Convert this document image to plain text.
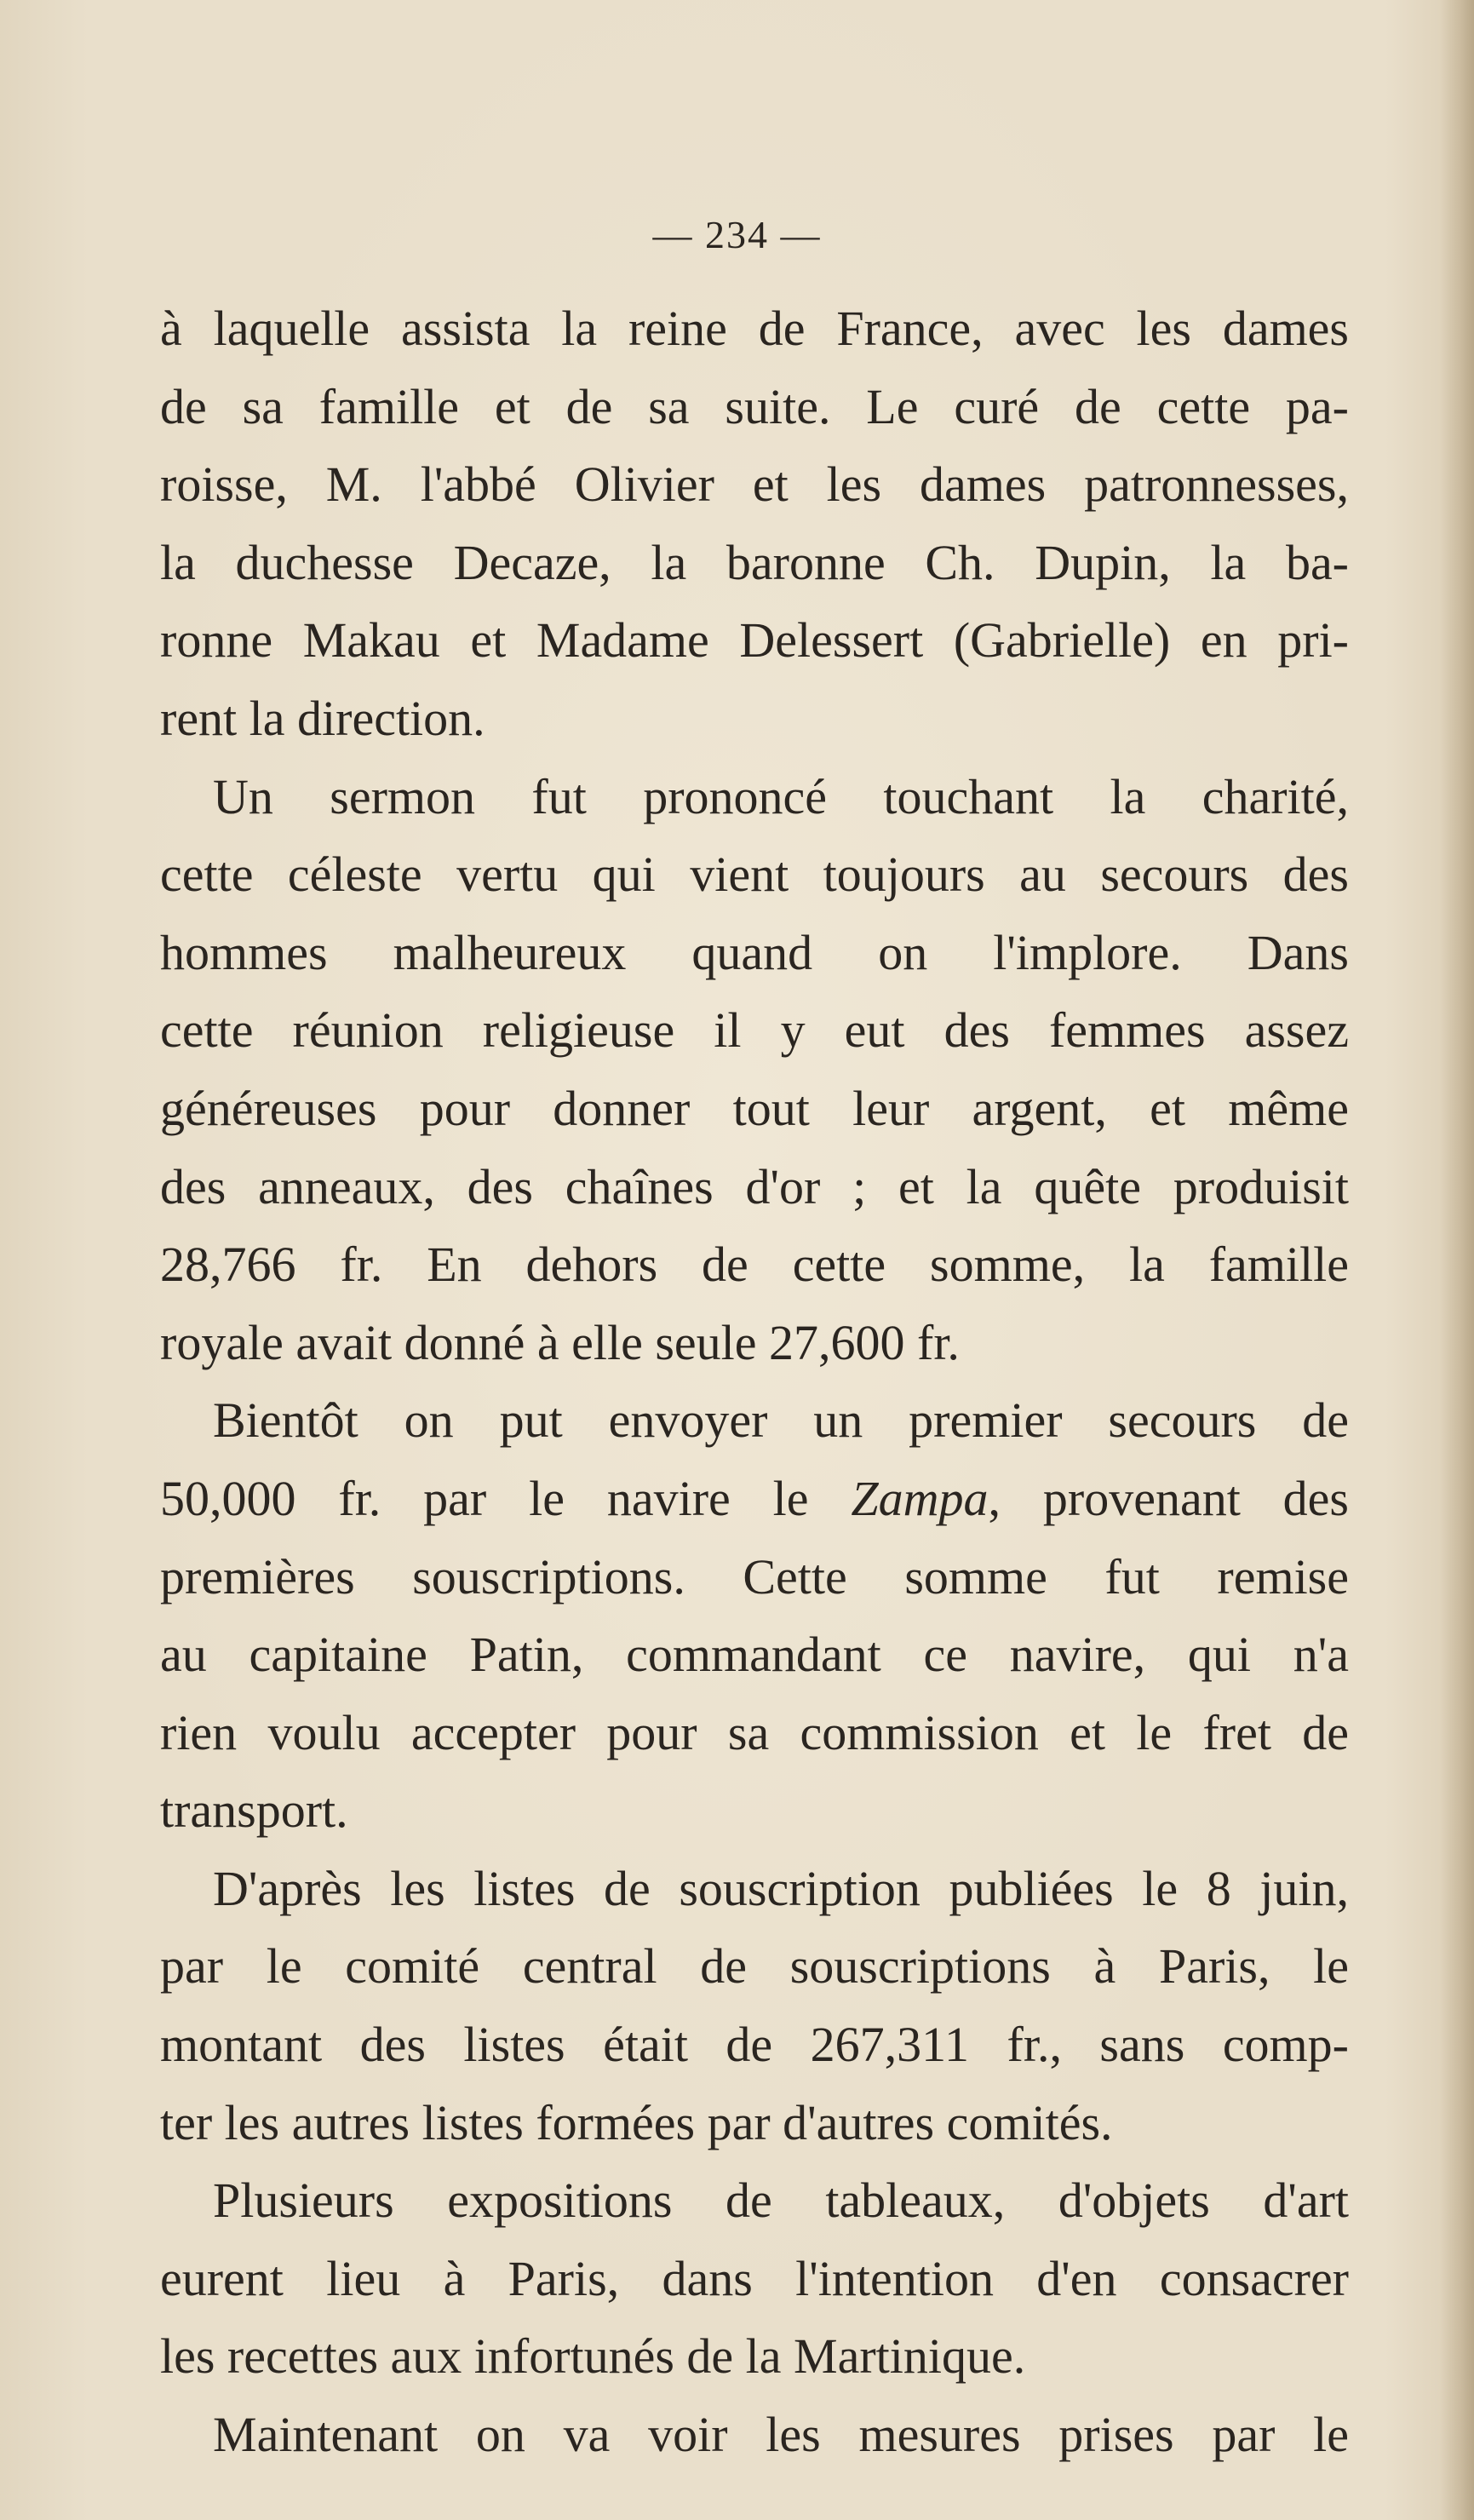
— 234 —

à laquelle assista la reine de France, avec les dames
de sa famille et de sa suite. Le curé de cette pa-
roisse, M. l'abbé Olivier et les dames patronnesses,
la duchesse Decaze, la baronne Ch. Dupin, la ba-
ronne Makau et Madame Delessert (Gabrielle) en pri-
rent la direction.

Un sermon fut prononcé touchant la charité,
cette céleste vertu qui vient toujours au secours des
hommes malheureux quand on l'implore. Dans
cette réunion religieuse il y eut des femmes assez
généreuses pour donner tout leur argent, et même
des anneaux, des chaînes d'or ; et la quête produisit
28,766 fr. En dehors de cette somme, la famille
royale avait donné à elle seule 27,600 fr.

Bientôt on put envoyer un premier secours de
50,000 fr. par le navire le Zampa, provenant des
premières souscriptions. Cette somme fut remise
au capitaine Patin, commandant ce navire, qui n'a
rien voulu accepter pour sa commission et le fret de
transport.

D'après les listes de souscription publiées le 8 juin,
par le comité central de souscriptions à Paris, le
montant des listes était de 267,311 fr., sans comp-
ter les autres listes formées par d'autres comités.

Plusieurs expositions de tableaux, d'objets d'art
eurent lieu à Paris, dans l'intention d'en consacrer
les recettes aux infortunés de la Martinique.

Maintenant on va voir les mesures prises par le
